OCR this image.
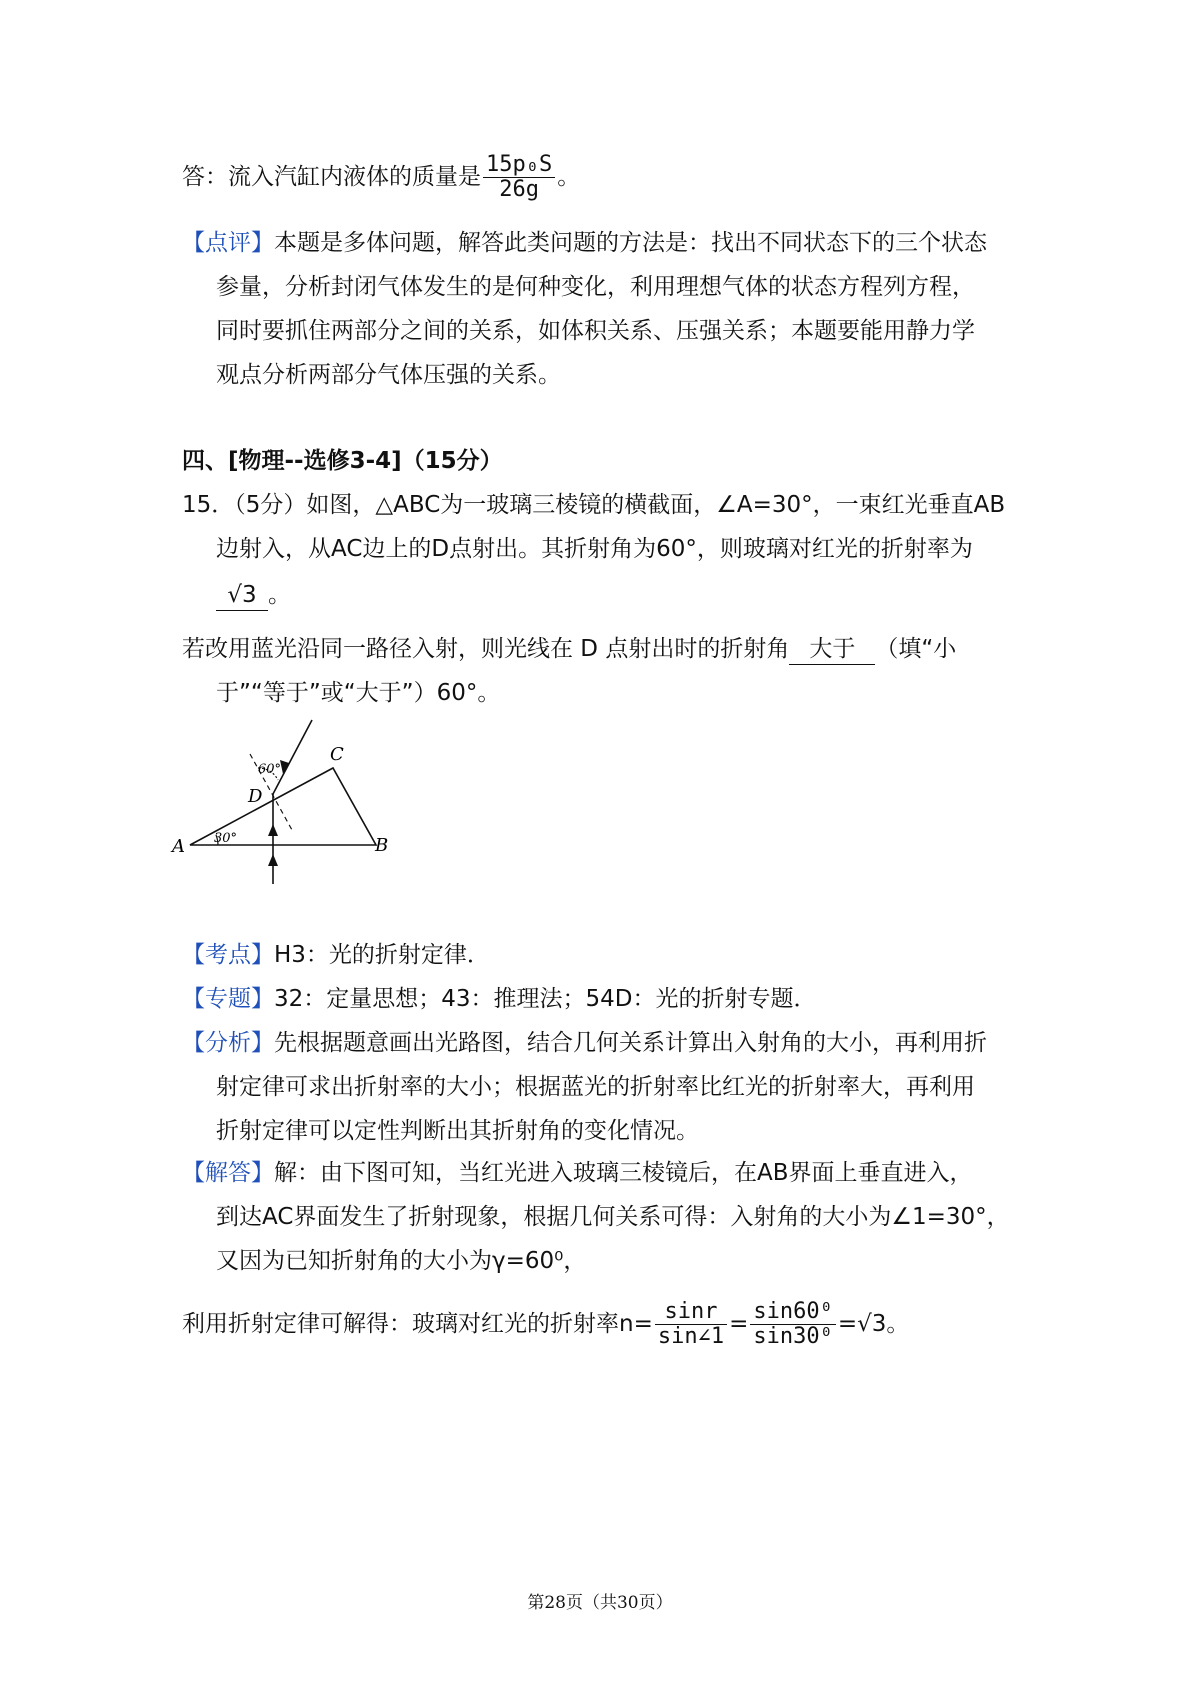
答：流入汽缸内液体的质量是 $\frac{\text{15p₀S}}{26g}$ 。
【点评】本题是多体问题，解答此类问题的方法是：找出不同状态下的三个状态
参量，分析封闭气体发生的是何种变化，利用理想气体的状态方程列方程，
同时要抓住两部分之间的关系，如体积关系、压强关系；本题要能用静力学
观点分析两部分气体压强的关系。
四、[物理--选修3-4]（15分）
15．（5分）如图，△ABC为一玻璃三棱镜的横截面，∠A=30°，一束红光垂直AB
边射入，从AC边上的D点射出。其折射角为60°，则玻璃对红光的折射率为
√3 。
若改用蓝光沿同一路径入射，则光线在 D 点射出时的折射角 大于 （填“小
于”“等于”或“大于”）60°。
A	B
C
D
30°
60°
【考点】H3：光的折射定律．
【专题】32：定量思想；43：推理法；54D：光的折射专题．
【分析】先根据题意画出光路图，结合几何关系计算出入射角的大小，再利用折
射定律可求出折射率的大小；根据蓝光的折射率比红光的折射率大，再利用
折射定律可以定性判断出其折射角的变化情况。
【解答】解：由下图可知，当红光进入玻璃三棱镜后，在AB界面上垂直进入，
到达AC界面发生了折射现象，根据几何关系可得：入射角的大小为∠1=30°，
又因为已知折射角的大小为γ=60⁰，
利用折射定律可解得：玻璃对红光的折射率$n= \frac{\sin r}{\sin\angle 1} = \frac{\text{sin60⁰}}{\text{sin30⁰}} =√3$。
第28页（共30页）
